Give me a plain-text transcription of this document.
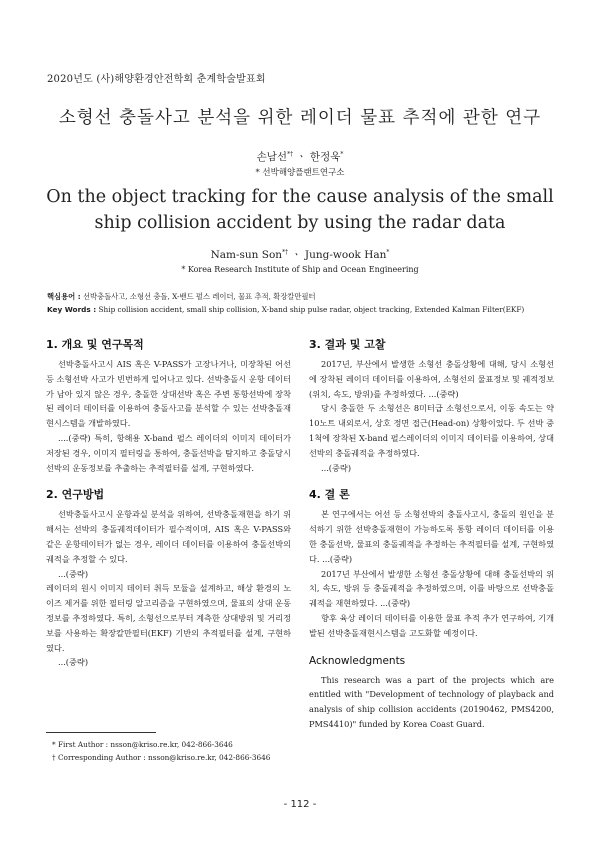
2020년도 (사)해양환경안전학회 춘계학술발표회
소형선 충돌사고 분석을 위한 레이더 물표 추적에 관한 연구
손남선*† ㆍ 한정욱*
* 선박해양플랜트연구소
On the object tracking for the cause analysis of the small ship collision accident by using the radar data
Nam-sun Son*† ㆍ Jung-wook Han*
* Korea Research Institute of Ship and Ocean Engineering
핵심용어 : 선박충돌사고, 소형선 충돌, X-밴드 펄스 레이더, 물표 추적, 확장칼만필터
Key Words : Ship collision accident, small ship collision, X-band ship pulse radar, object tracking, Extended Kalman Filter(EKF)
1. 개요 및 연구목적

선박충돌사고시 AIS 혹은 V-PASS가 고장나거나, 미장착된 어선 등 소형선박 사고가 빈번하게 일어나고 있다. 선박충돌시 운항 데이터가 남아 있지 않은 경우, 충돌한 상대선박 혹은 주변 통항선박에 장착된 레이더 데이터를 이용하여 충돌사고를 분석할 수 있는 선박충돌재현시스템을 개발하였다.

....(중략) 특히, 항해용 X-band 펄스 레이더의 이미지 데이터가 저장된 경우, 이미지 필터링을 통하여, 충돌선박을 탐지하고 충돌당시 선박의 운동정보를 추출하는 추적필터를 설계, 구현하였다.

2. 연구방법

선박충돌사고시 운항과실 분석을 위하여, 선박충돌재현을 하기 위해서는 선박의 충돌궤적데이터가 필수적이며, AIS 혹은 V-PASS와 같은 운항데이터가 없는 경우, 레이더 데이터를 이용하여 충돌선박의 궤적을 추정할 수 있다.

...(중략)

레이더의 원시 이미지 데이터 취득 모듈을 설계하고, 해상 환경의 노이즈 제거를 위한 필터링 알고리즘을 구현하였으며, 물표의 상대 운동정보를 추정하였다. 특히, 소형선으로부터 계측한 상대방위 및 거리정보를 사용하는 확장칼만필터(EKF) 기반의 추적필터를 설계, 구현하였다.

...(중략)

3. 결과 및 고찰

2017년, 부산에서 발생한 소형선 충돌상황에 대해, 당시 소형선에 장착된 레이더 데이터를 이용하여, 소형선의 물표정보 및 궤적정보(위치, 속도, 방위)를 추정하였다. ...(중략)

당시 충돌한 두 소형선은 8미터급 소형선으로서, 이동 속도는 약 10노트 내외로서, 상호 정면 접근(Head-on) 상황이었다. 두 선박 중 1척에 장착된 X-band 펄스레이더의 이미지 데이터를 이용하여, 상대선박의 충돌궤적을 추정하였다.

...(중략)

4. 결 론

본 연구에서는 어선 등 소형선박의 충돌사고시, 충돌의 원인을 분석하기 위한 선박충돌재현이 가능하도록 통항 레이더 데이터를 이용한 충돌선박, 물표의 충돌궤적을 추정하는 추적필터를 설계, 구현하였다. ...(중략)

2017년 부산에서 발생한 소형선 충돌상황에 대해 충돌선박의 위치, 속도, 방위 등 충돌궤적을 추정하였으며, 이를 바탕으로 선박충돌궤적을 재현하였다. ...(중략)

향후 육상 레이더 데이터를 이용한 물표 추적 추가 연구하여, 기개발된 선박충돌재현시스템을 고도화할 예정이다.

Acknowledgments

This research was a part of the projects which are entitled with "Development of technology of playback and analysis of ship collision accidents (20190462, PMS4200, PMS4410)" funded by Korea Coast Guard.

* First Author : nsson@kriso.re.kr, 042-866-3646
† Corresponding Author : nsson@kriso.re.kr, 042-866-3646
- 112 -
